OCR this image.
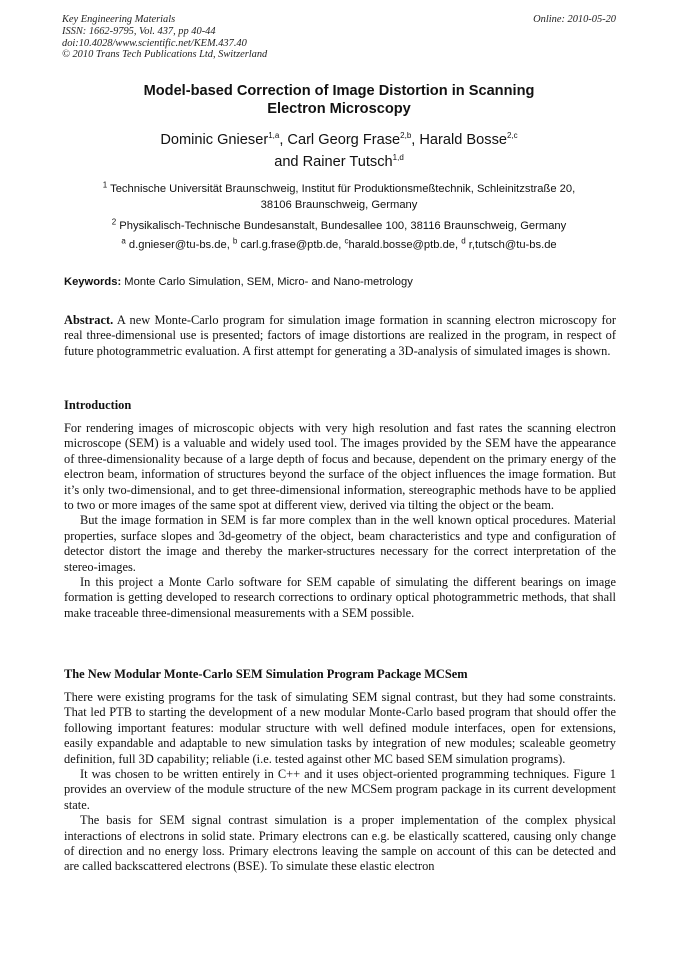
Key Engineering Materials
ISSN: 1662-9795, Vol. 437, pp 40-44
doi:10.4028/www.scientific.net/KEM.437.40
© 2010 Trans Tech Publications Ltd, Switzerland
Online: 2010-05-20
Model-based Correction of Image Distortion in Scanning
Electron Microscopy
Dominic Gnieser$^{1,a}$, Carl Georg Frase$^{2,b}$, Harald Bosse$^{2,c}$
and Rainer Tutsch$^{1,d}$
$^1$ Technische Universität Braunschweig, Institut für Produktionsmeßtechnik, Schleinitzstraße 20,
38106 Braunschweig, Germany
$^2$ Physikalisch-Technische Bundesanstalt, Bundesallee 100, 38116 Braunschweig, Germany
$^a$ d.gnieser@tu-bs.de, $^b$ carl.g.frase@ptb.de, $^c$harald.bosse@ptb.de, $^d$ r,tutsch@tu-bs.de
Keywords: Monte Carlo Simulation, SEM, Micro- and Nano-metrology

Abstract. A new Monte-Carlo program for simulation image formation in scanning electron microscopy for real three-dimensional use is presented; factors of image distortions are realized in the program, in respect of future photogrammetric evaluation. A first attempt for generating a 3D-analysis of simulated images is shown.

Introduction

For rendering images of microscopic objects with very high resolution and fast rates the scanning electron microscope (SEM) is a valuable and widely used tool. The images provided by the SEM have the appearance of three-dimensionality because of a large depth of focus and because, dependent on the primary energy of the electron beam, information of structures beyond the surface of the object influences the image formation. But it’s only two-dimensional, and to get three-dimensional information, stereographic methods have to be applied to two or more images of the same spot at different view, derived via tilting the object or the beam.

But the image formation in SEM is far more complex than in the well known optical procedures. Material properties, surface slopes and 3d-geometry of the object, beam characteristics and type and configuration of detector distort the image and thereby the marker-structures necessary for the correct interpretation of the stereo-images.

In this project a Monte Carlo software for SEM capable of simulating the different bearings on image formation is getting developed to research corrections to ordinary optical photogrammetric methods, that shall make traceable three-dimensional measurements with a SEM possible.

The New Modular Monte-Carlo SEM Simulation Program Package MCSem

There were existing programs for the task of simulating SEM signal contrast, but they had some constraints. That led PTB to starting the development of a new modular Monte-Carlo based program that should offer the following important features: modular structure with well defined module interfaces, open for extensions, easily expandable and adaptable to new simulation tasks by integration of new modules; scaleable geometry definition, full 3D capability; reliable (i.e. tested against other MC based SEM simulation programs).

It was chosen to be written entirely in C++ and it uses object-oriented programming techniques. Figure 1 provides an overview of the module structure of the new MCSem program package in its current development state.

The basis for SEM signal contrast simulation is a proper implementation of the complex physical interactions of electrons in solid state. Primary electrons can e.g. be elastically scattered, causing only change of direction and no energy loss. Primary electrons leaving the sample on account of this can be detected and are called backscattered electrons (BSE). To simulate these elastic electron
